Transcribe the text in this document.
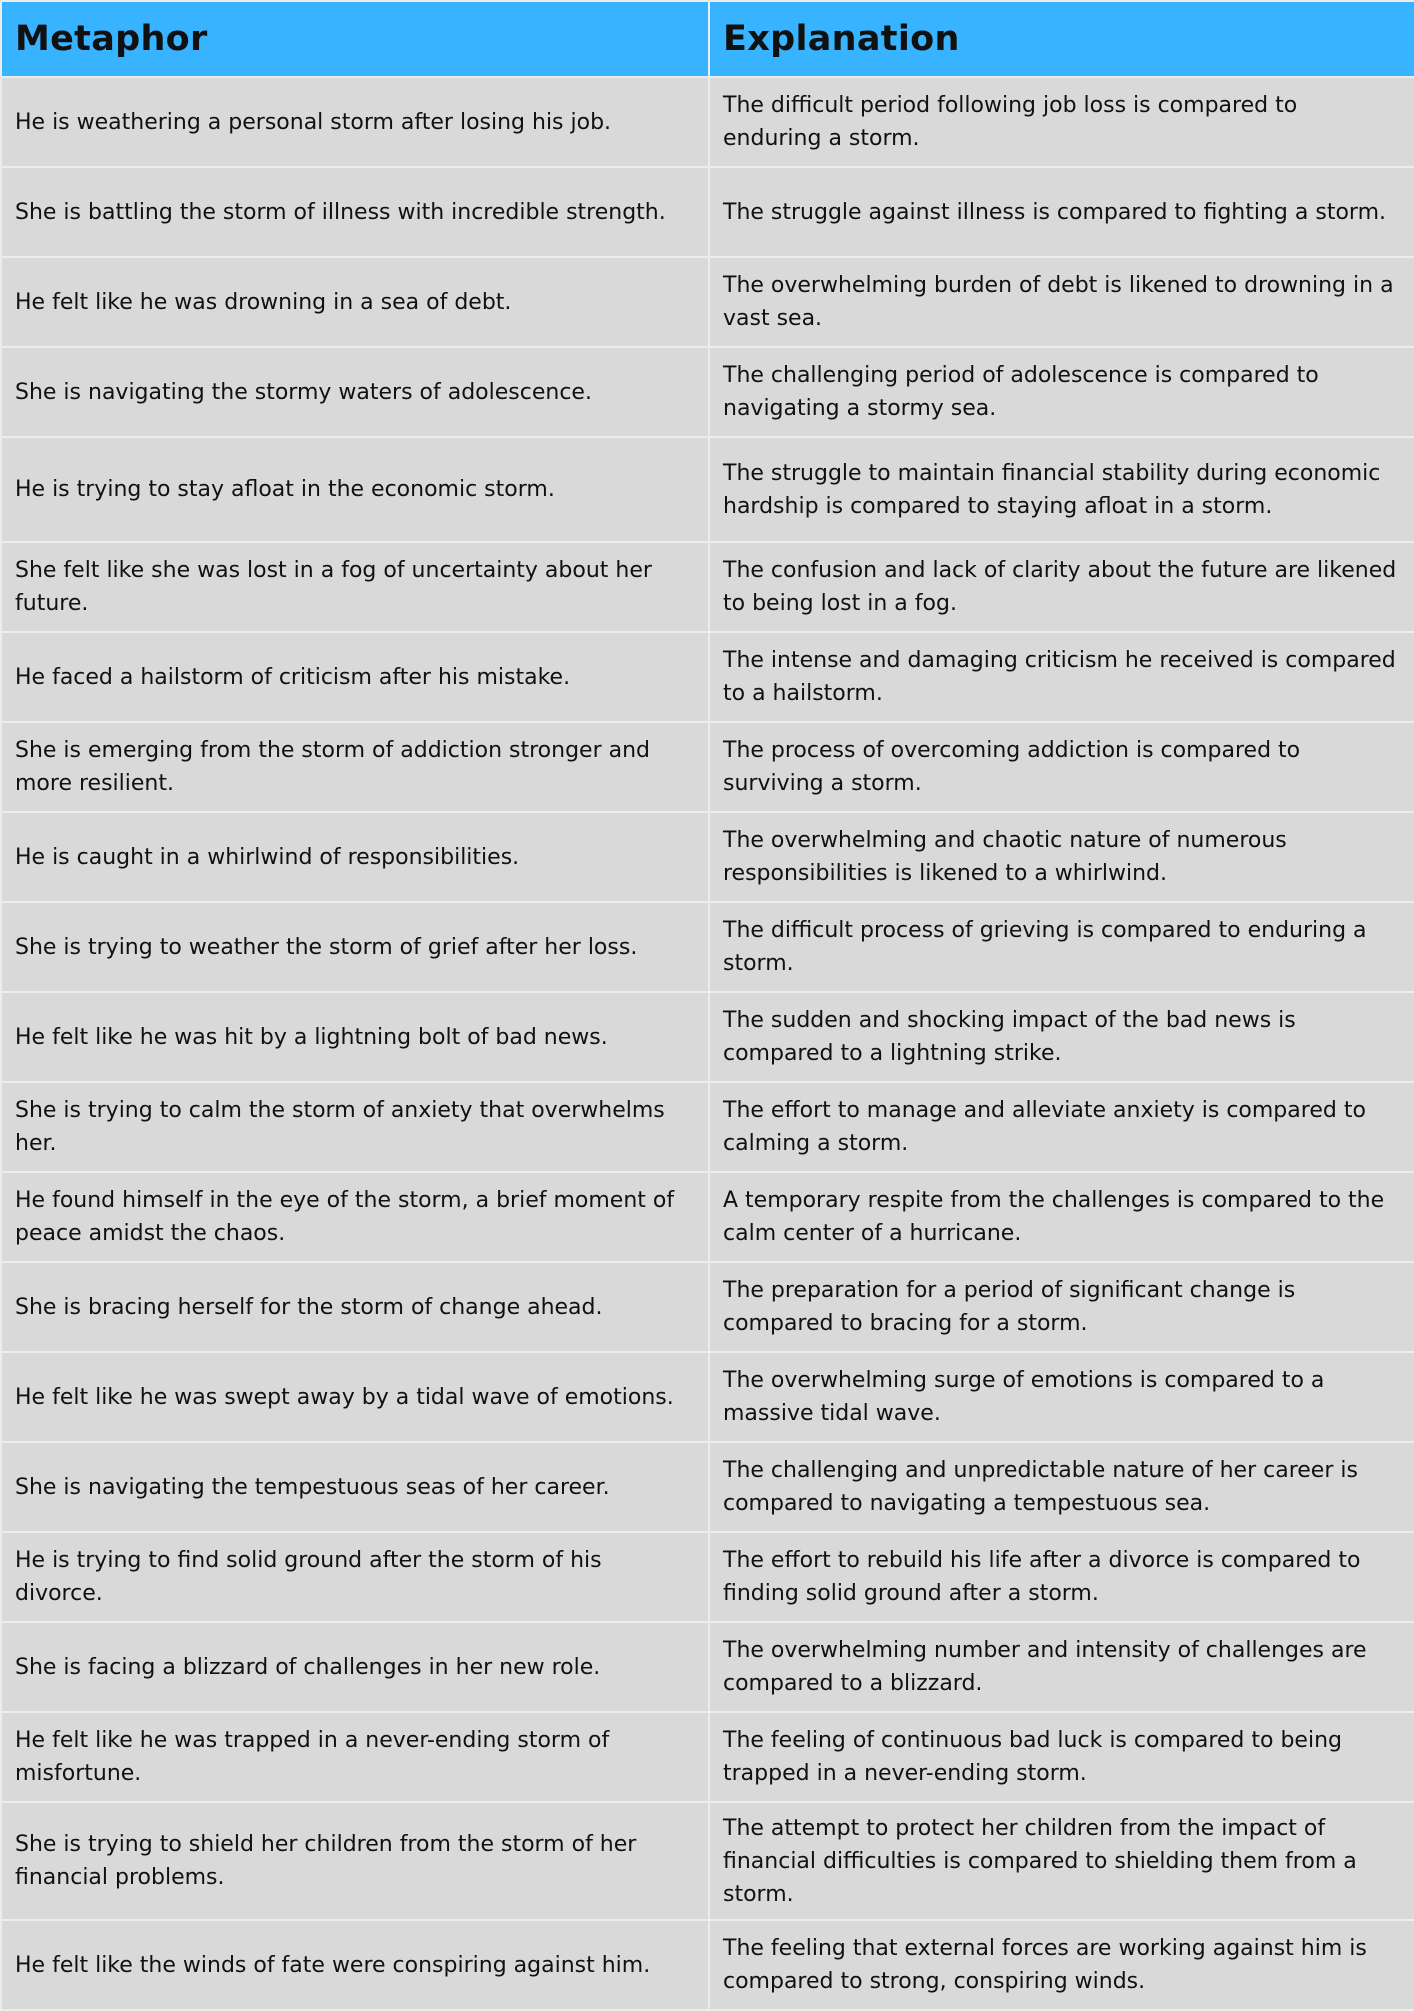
Metaphor	Explanation
He is weathering a personal storm after losing his job.	The difficult period following job loss is compared to enduring a storm.
She is battling the storm of illness with incredible strength.	The struggle against illness is compared to fighting a storm.
He felt like he was drowning in a sea of debt.	The overwhelming burden of debt is likened to drowning in a vast sea.
She is navigating the stormy waters of adolescence.	The challenging period of adolescence is compared to navigating a stormy sea.
He is trying to stay afloat in the economic storm.	The struggle to maintain financial stability during economic hardship is compared to staying afloat in a storm.
She felt like she was lost in a fog of uncertainty about her future.	The confusion and lack of clarity about the future are likened to being lost in a fog.
He faced a hailstorm of criticism after his mistake.	The intense and damaging criticism he received is compared to a hailstorm.
She is emerging from the storm of addiction stronger and more resilient.	The process of overcoming addiction is compared to surviving a storm.
He is caught in a whirlwind of responsibilities.	The overwhelming and chaotic nature of numerous responsibilities is likened to a whirlwind.
She is trying to weather the storm of grief after her loss.	The difficult process of grieving is compared to enduring a storm.
He felt like he was hit by a lightning bolt of bad news.	The sudden and shocking impact of the bad news is compared to a lightning strike.
She is trying to calm the storm of anxiety that overwhelms her.	The effort to manage and alleviate anxiety is compared to calming a storm.
He found himself in the eye of the storm, a brief moment of peace amidst the chaos.	A temporary respite from the challenges is compared to the calm center of a hurricane.
She is bracing herself for the storm of change ahead.	The preparation for a period of significant change is compared to bracing for a storm.
He felt like he was swept away by a tidal wave of emotions.	The overwhelming surge of emotions is compared to a massive tidal wave.
She is navigating the tempestuous seas of her career.	The challenging and unpredictable nature of her career is compared to navigating a tempestuous sea.
He is trying to find solid ground after the storm of his divorce.	The effort to rebuild his life after a divorce is compared to finding solid ground after a storm.
She is facing a blizzard of challenges in her new role.	The overwhelming number and intensity of challenges are compared to a blizzard.
He felt like he was trapped in a never-ending storm of misfortune.	The feeling of continuous bad luck is compared to being trapped in a never-ending storm.
She is trying to shield her children from the storm of her financial problems.	The attempt to protect her children from the impact of financial difficulties is compared to shielding them from a storm.
He felt like the winds of fate were conspiring against him.	The feeling that external forces are working against him is compared to strong, conspiring winds.
